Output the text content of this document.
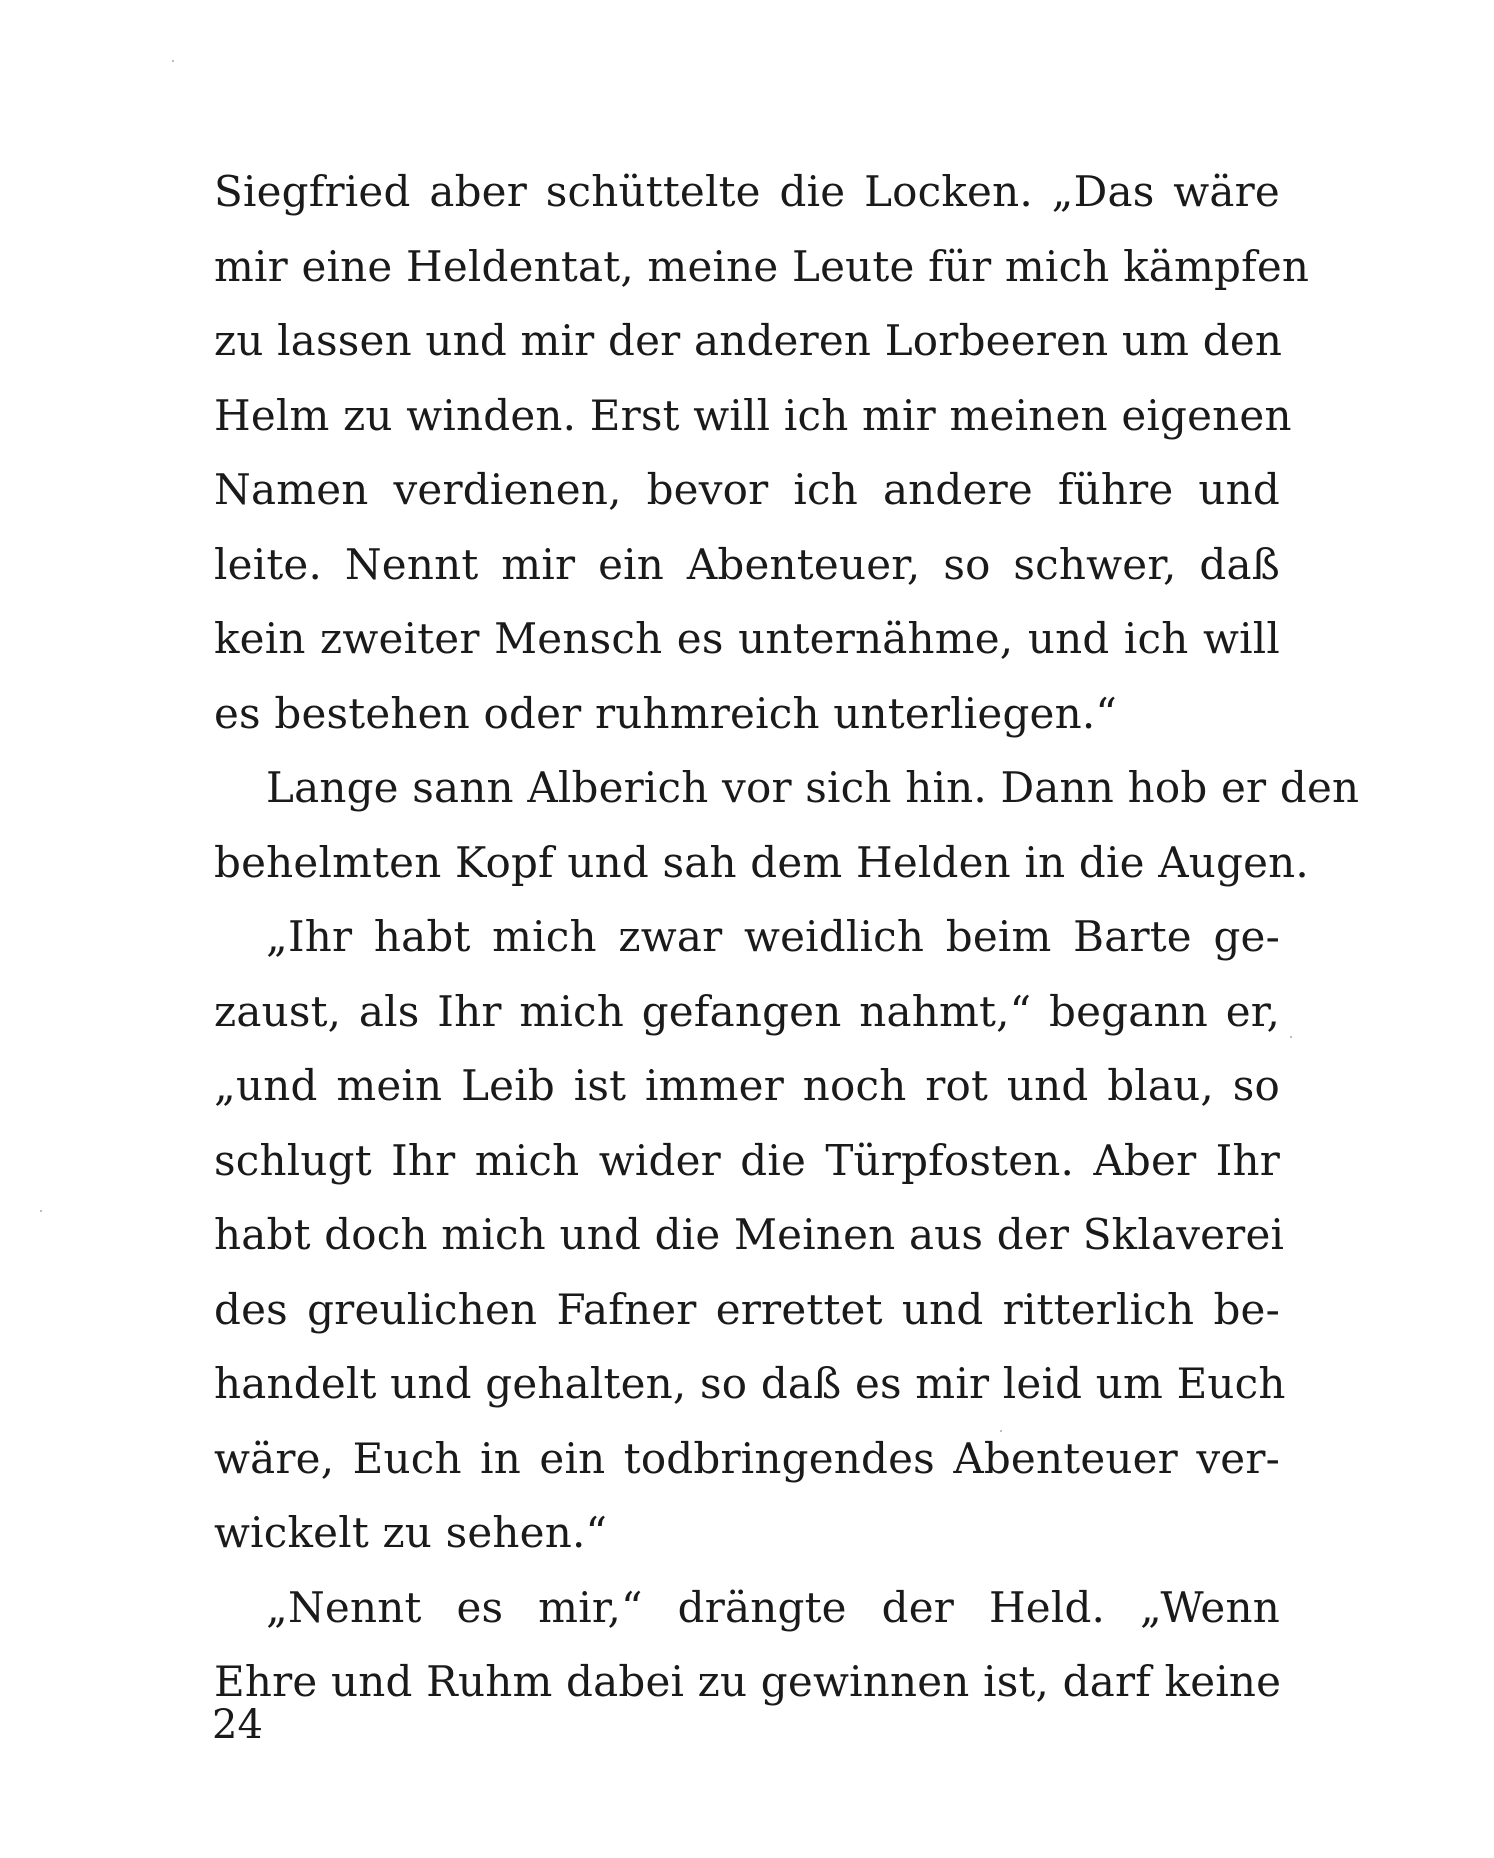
Siegfried aber schüttelte die Locken. „Das wäre
mir eine Heldentat, meine Leute für mich kämpfen
zu lassen und mir der anderen Lorbeeren um den
Helm zu winden. Erst will ich mir meinen eigenen
Namen verdienen, bevor ich andere führe und
leite. Nennt mir ein Abenteuer, so schwer, daß
kein zweiter Mensch es unternähme, und ich will
es bestehen oder ruhmreich unterliegen.“
Lange sann Alberich vor sich hin. Dann hob er den
behelmten Kopf und sah dem Helden in die Augen.
„Ihr habt mich zwar weidlich beim Barte ge-
zaust, als Ihr mich gefangen nahmt,“ begann er,
„und mein Leib ist immer noch rot und blau, so
schlugt Ihr mich wider die Türpfosten. Aber Ihr
habt doch mich und die Meinen aus der Sklaverei
des greulichen Fafner errettet und ritterlich be-
handelt und gehalten, so daß es mir leid um Euch
wäre, Euch in ein todbringendes Abenteuer ver-
wickelt zu sehen.“
„Nennt es mir,“ drängte der Held. „Wenn
Ehre und Ruhm dabei zu gewinnen ist, darf keine
24
